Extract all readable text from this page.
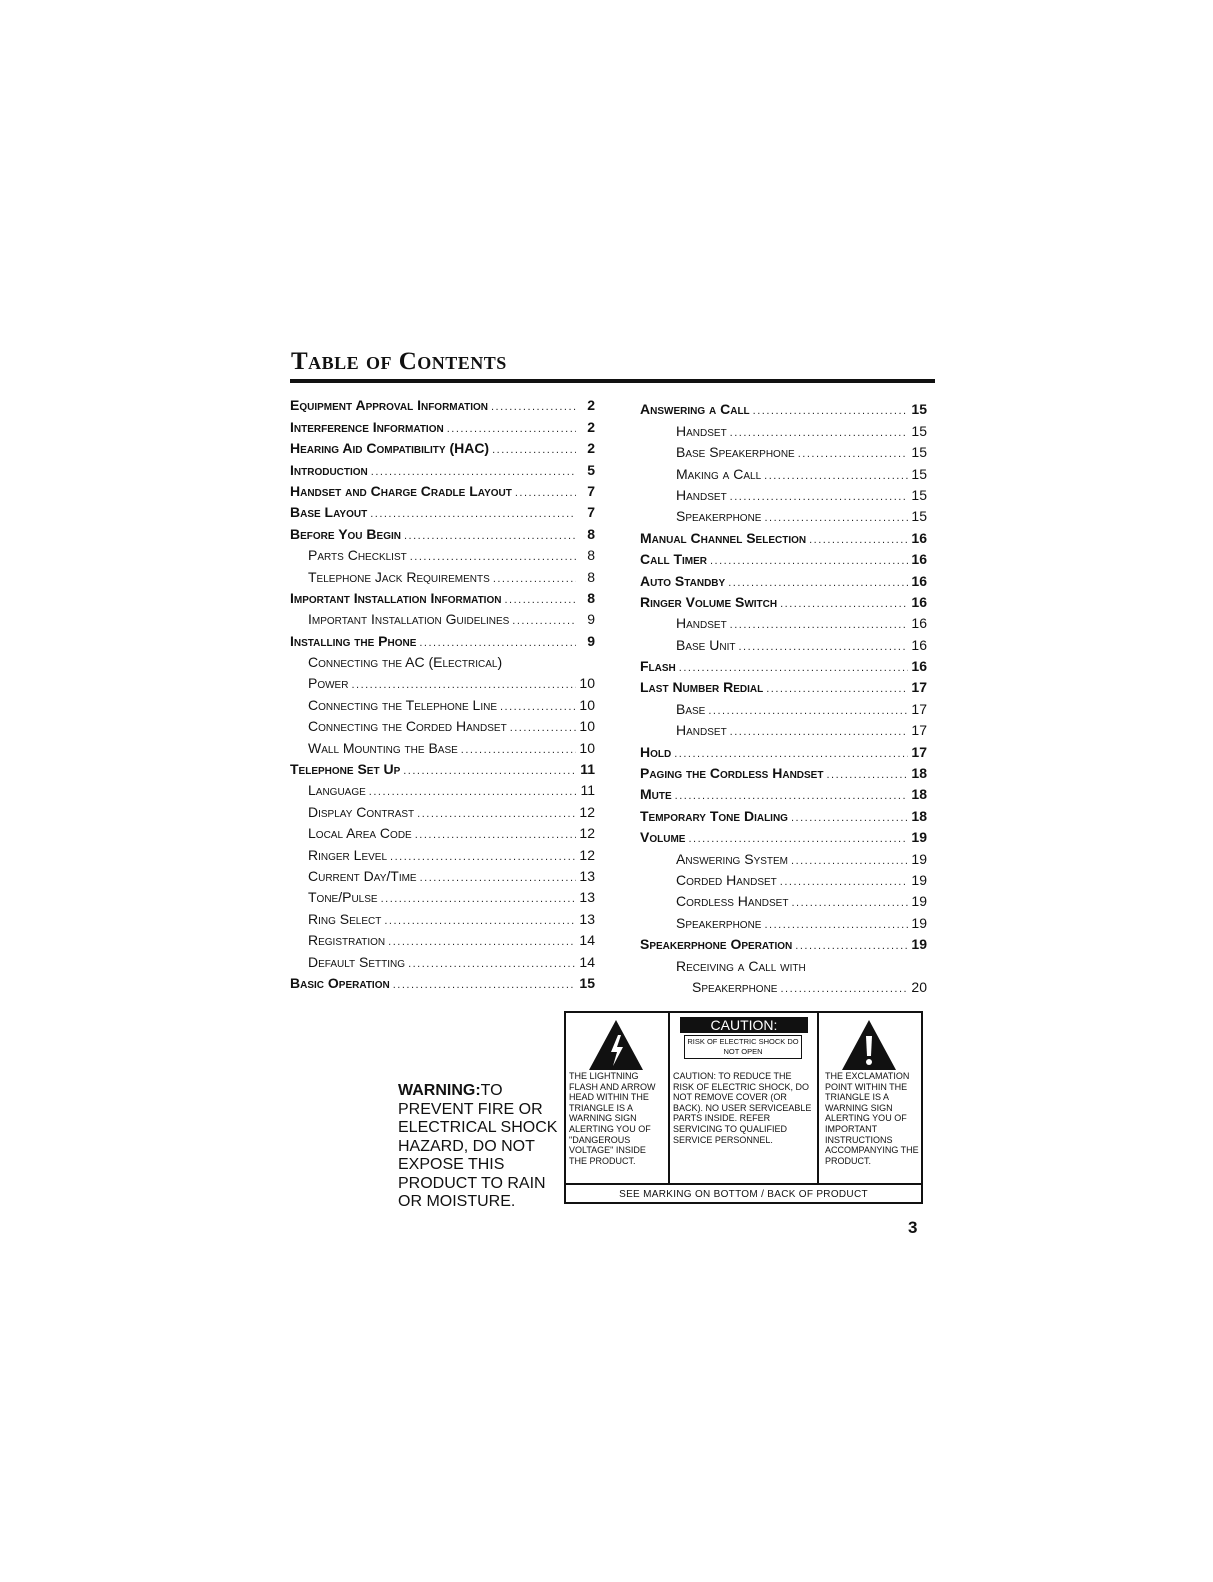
Table of Contents
Equipment Approval Information .....	2
Interference Information .....	2
Hearing Aid Compatibility (HAC) .....	2
Introduction .....	5
Handset and Charge Cradle Layout .....	7
Base Layout .....	7
Before You Begin .....	8
Parts Checklist .....	8
Telephone Jack Requirements .....	8
Important Installation Information .....	8
Important Installation Guidelines .....	9
Installing the Phone .....	9
Connecting the AC (Electrical)
Power .....	10
Connecting the Telephone Line .....	10
Connecting the Corded Handset .....	10
Wall Mounting the Base .....	10
Telephone Set Up .....	11
Language .....	11
Display Contrast .....	12
Local Area Code .....	12
Ringer Level .....	12
Current Day/Time .....	13
Tone/Pulse .....	13
Ring Select .....	13
Registration .....	14
Default Setting .....	14
Basic Operation .....	15
Answering a Call .....	15
Handset .....	15
Base Speakerphone .....	15
Making a Call .....	15
Handset .....	15
Speakerphone .....	15
Manual Channel Selection .....	16
Call Timer .....	16
Auto Standby .....	16
Ringer Volume Switch .....	16
Handset .....	16
Base Unit .....	16
Flash .....	16
Last Number Redial .....	17
Base .....	17
Handset .....	17
Hold .....	17
Paging the Cordless Handset .....	18
Mute .....	18
Temporary Tone Dialing .....	18
Volume .....	19
Answering System .....	19
Corded Handset .....	19
Cordless Handset .....	19
Speakerphone .....	19
Speakerphone Operation .....	19
Receiving a Call with
Speakerphone .....	20
WARNING:TO PREVENT FIRE OR ELECTRICAL SHOCK HAZARD, DO NOT EXPOSE THIS PRODUCT TO RAIN OR MOISTURE.
THE LIGHTNING FLASH AND ARROW HEAD WITHIN THE TRIANGLE IS A WARNING SIGN ALERTING YOU OF "DANGEROUS VOLTAGE" INSIDE THE PRODUCT.
CAUTION:
RISK OF ELECTRIC SHOCK DO NOT OPEN
CAUTION: TO REDUCE THE RISK OF ELECTRIC SHOCK, DO NOT REMOVE COVER (OR BACK). NO USER SERVICEABLE PARTS INSIDE. REFER SERVICING TO QUALIFIED SERVICE PERSONNEL.
THE EXCLAMATION POINT WITHIN THE TRIANGLE IS A WARNING SIGN ALERTING YOU OF IMPORTANT INSTRUCTIONS ACCOMPANYING THE PRODUCT.
SEE MARKING ON BOTTOM / BACK OF PRODUCT
3
